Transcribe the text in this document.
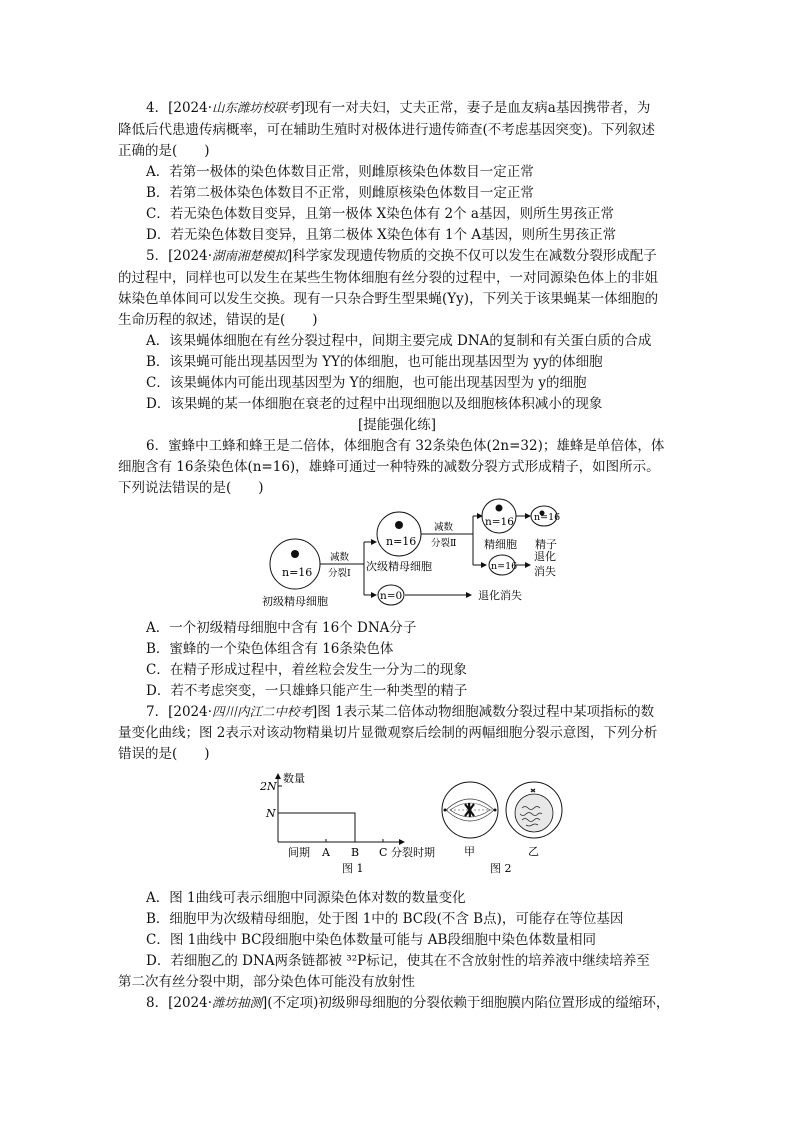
4．[2024·山东潍坊校联考]现有一对夫妇，丈夫正常，妻子是血友病a基因携带者，为
降低后代患遗传病概率，可在辅助生殖时对极体进行遗传筛查(不考虑基因突变)。下列叙述
正确的是(　　)
A．若第一极体的染色体数目正常，则雌原核染色体数目一定正常
B．若第二极体染色体数目不正常，则雌原核染色体数目一定正常
C．若无染色体数目变异，且第一极体 X染色体有 2个 a基因，则所生男孩正常
D．若无染色体数目变异，且第二极体 X染色体有 1个 A基因，则所生男孩正常
5．[2024·湖南湘楚模拟]科学家发现遗传物质的交换不仅可以发生在减数分裂形成配子
的过程中，同样也可以发生在某些生物体细胞有丝分裂的过程中，一对同源染色体上的非姐
妹染色单体间可以发生交换。现有一只杂合野生型果蝇(Yy)，下列关于该果蝇某一体细胞的
生命历程的叙述，错误的是(　　)
A．该果蝇体细胞在有丝分裂过程中，间期主要完成 DNA的复制和有关蛋白质的合成
B．该果蝇可能出现基因型为 YY的体细胞，也可能出现基因型为 yy的体细胞
C．该果蝇体内可能出现基因型为 Y的细胞，也可能出现基因型为 y的细胞
D．该果蝇的某一体细胞在衰老的过程中出现细胞以及细胞核体积减小的现象
[提能强化练]
6．蜜蜂中工蜂和蜂王是二倍体，体细胞含有 32条染色体(2n=32)；雄蜂是单倍体，体
细胞含有 16条染色体(n=16)，雄蜂可通过一种特殊的减数分裂方式形成精子，如图所示。
下列说法错误的是(　　)
n=16
初级精母细胞
减数
分裂Ⅰ
n=16
次级精母细胞
n=0	退化消失
减数
分裂Ⅱ
n=16
精细胞
n=16
精子
n=16
退化
消失
A．一个初级精母细胞中含有 16个 DNA分子
B．蜜蜂的一个染色体组含有 16条染色体
C．在精子形成过程中，着丝粒会发生一分为二的现象
D．若不考虑突变，一只雄蜂只能产生一种类型的精子
7．[2024·四川内江二中校考]图 1表示某二倍体动物细胞减数分裂过程中某项指标的数
量变化曲线；图 2表示对该动物精巢切片显微观察后绘制的两幅细胞分裂示意图，下列分析
错误的是(　　)
数量
2N
N
间期 A B C 分裂时期
图 1
甲	乙
图 2
A．图 1曲线可表示细胞中同源染色体对数的数量变化
B．细胞甲为次级精母细胞，处于图 1中的 BC段(不含 B点)，可能存在等位基因
C．图 1曲线中 BC段细胞中染色体数量可能与 AB段细胞中染色体数量相同
D．若细胞乙的 DNA两条链都被 ³²P标记，使其在不含放射性的培养液中继续培养至
第二次有丝分裂中期，部分染色体可能没有放射性
8．[2024·潍坊抽测](不定项)初级卵母细胞的分裂依赖于细胞膜内陷位置形成的缢缩环，
